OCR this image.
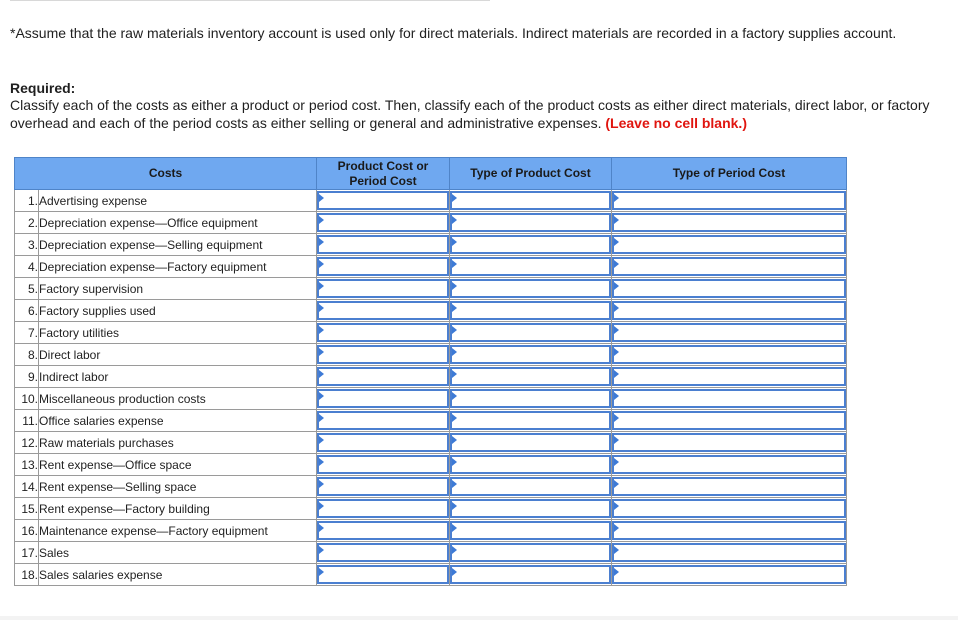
*Assume that the raw materials inventory account is used only for direct materials. Indirect materials are recorded in a factory supplies account.
Required:
Classify each of the costs as either a product or period cost. Then, classify each of the product costs as either direct materials, direct labor, or factory overhead and each of the period costs as either selling or general and administrative expenses. (Leave no cell blank.)
Costs		Product Cost or
Period Cost	Type of Product Cost	Type of Period Cost
1.	Advertising expense	

2.	Depreciation expense—Office equipment	

3.	Depreciation expense—Selling equipment	

4.	Depreciation expense—Factory equipment	

5.	Factory supervision	

6.	Factory supplies used	

7.	Factory utilities	

8.	Direct labor	

9.	Indirect labor	

10.	Miscellaneous production costs	

11.	Office salaries expense	

12.	Raw materials purchases	

13.	Rent expense—Office space	

14.	Rent expense—Selling space	

15.	Rent expense—Factory building	

16.	Maintenance expense—Factory equipment	

17.	Sales	

18.	Sales salaries expense	
